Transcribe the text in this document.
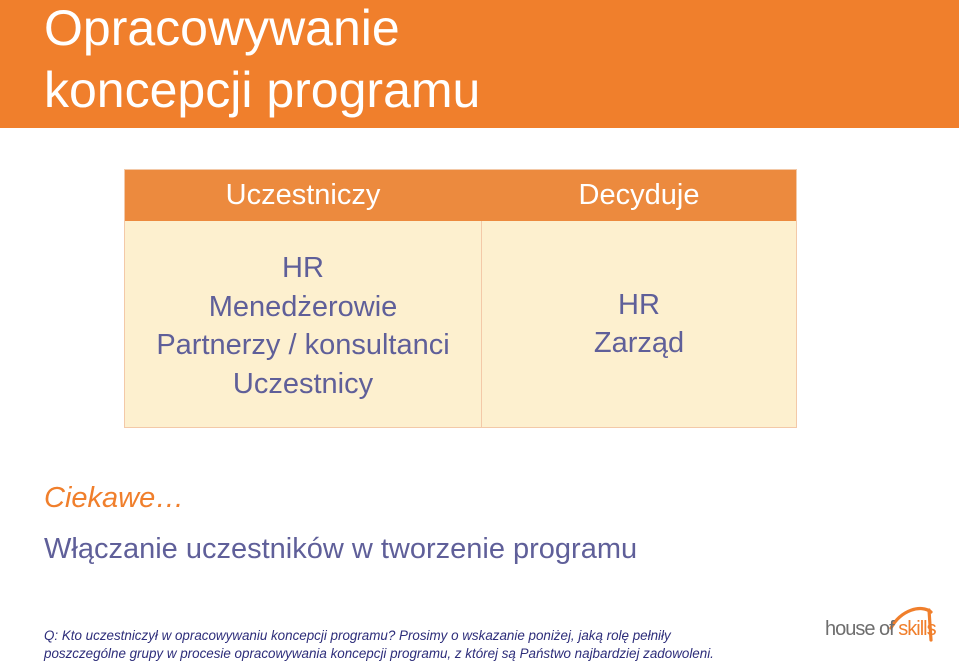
Opracowywanie
koncepcji programu
Uczestniczy	Decyduje
HR
Menedżerowie
Partnerzy / konsultanci
Uczestnicy
HR
Zarząd
Ciekawe…
Włączanie uczestników w tworzenie programu
Q: Kto uczestniczył w opracowywaniu koncepcji programu? Prosimy o wskazanie poniżej, jaką rolę pełniły
poszczególne grupy w procesie opracowywania koncepcji programu, z której są Państwo najbardziej zadowoleni.
house of skills
